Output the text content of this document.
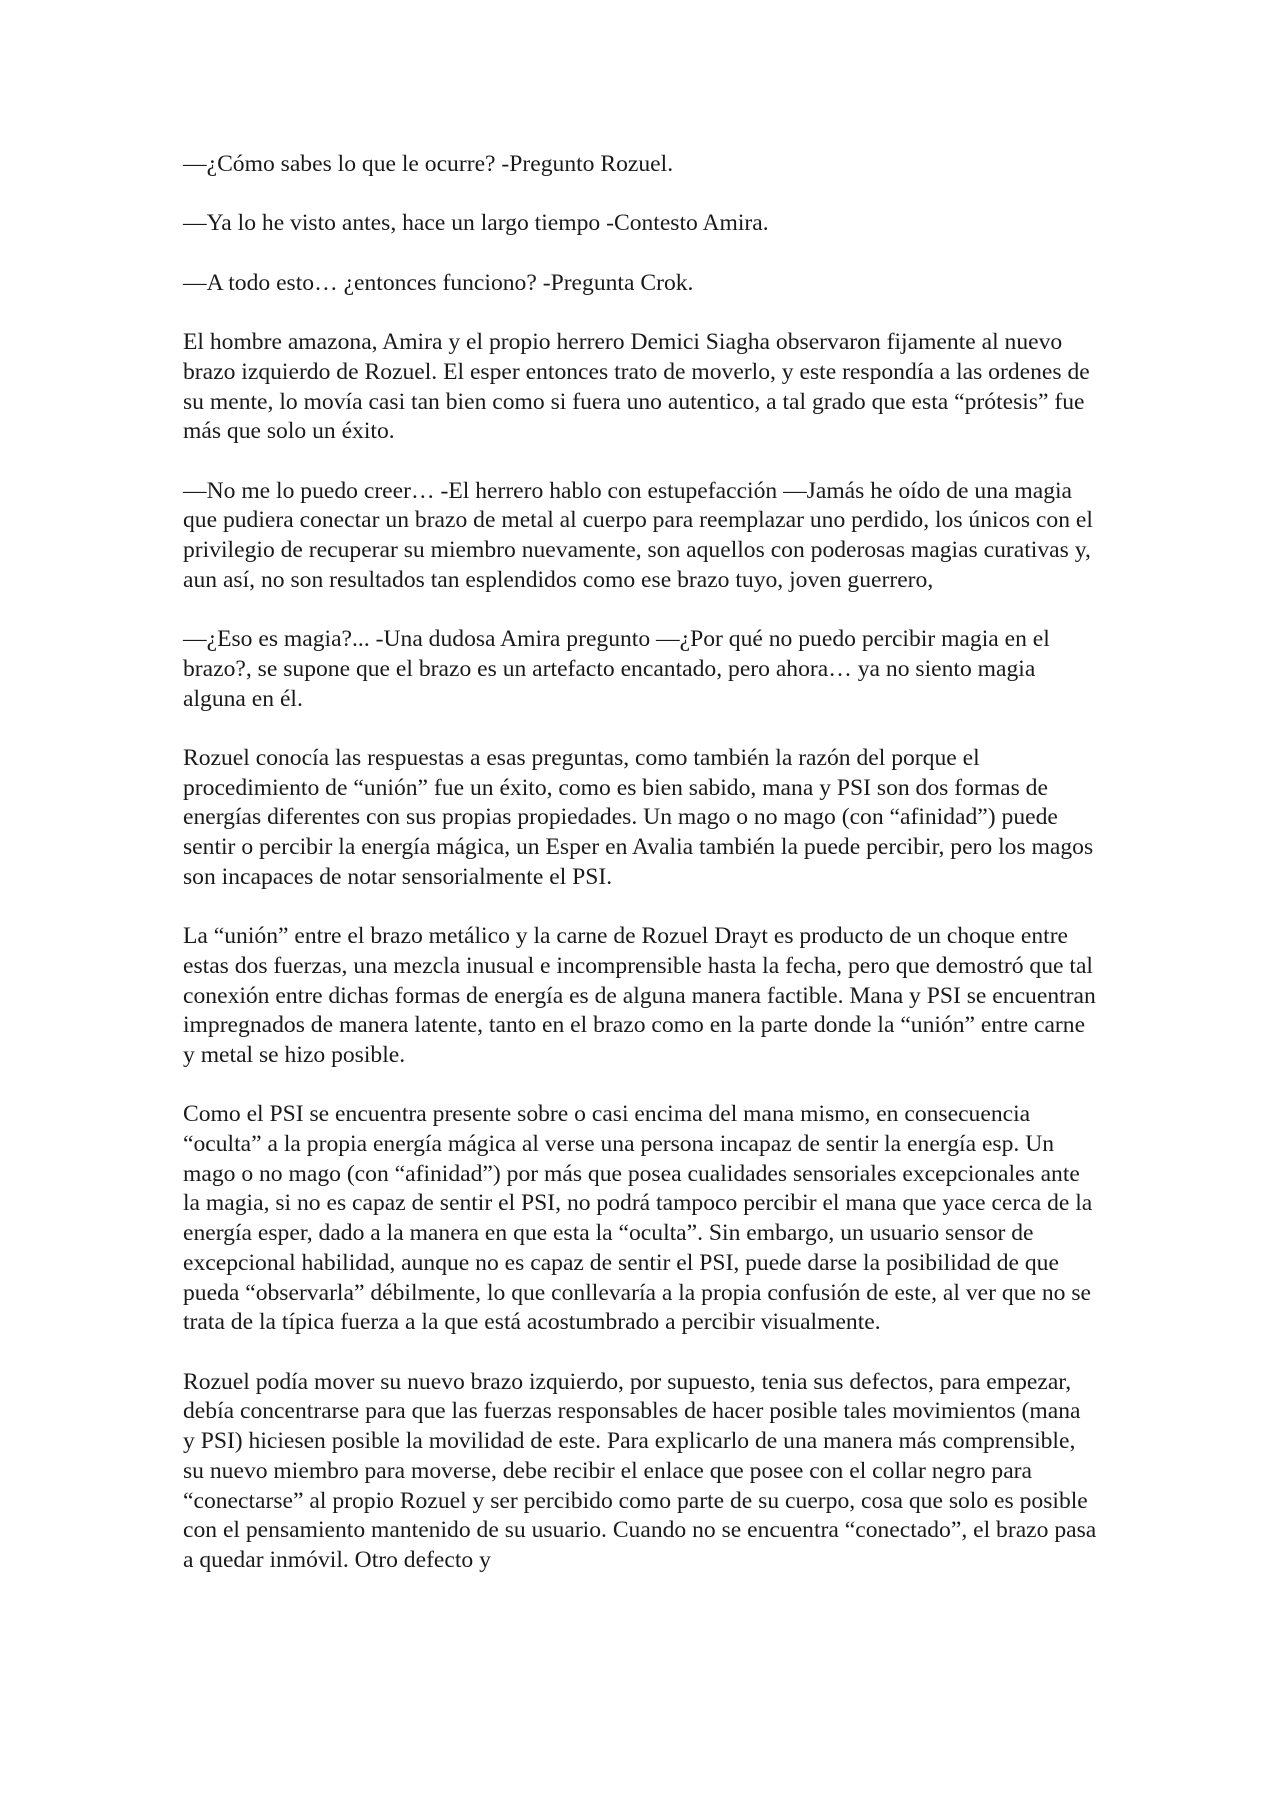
—¿Cómo sabes lo que le ocurre? -Pregunto Rozuel.

—Ya lo he visto antes, hace un largo tiempo -Contesto Amira.

—A todo esto… ¿entonces funciono? -Pregunta Crok.

El hombre amazona, Amira y el propio herrero Demici Siagha observaron fijamente al nuevo brazo izquierdo de Rozuel. El esper entonces trato de moverlo, y este respondía a las ordenes de su mente, lo movía casi tan bien como si fuera uno autentico, a tal grado que esta “prótesis” fue más que solo un éxito.

—No me lo puedo creer… -El herrero hablo con estupefacción —Jamás he oído de una magia que pudiera conectar un brazo de metal al cuerpo para reemplazar uno perdido, los únicos con el privilegio de recuperar su miembro nuevamente, son aquellos con poderosas magias curativas y, aun así, no son resultados tan esplendidos como ese brazo tuyo, joven guerrero,

—¿Eso es magia?... -Una dudosa Amira pregunto —¿Por qué no puedo percibir magia en el brazo?, se supone que el brazo es un artefacto encantado, pero ahora… ya no siento magia alguna en él.

Rozuel conocía las respuestas a esas preguntas, como también la razón del porque el procedimiento de “unión” fue un éxito, como es bien sabido, mana y PSI son dos formas de energías diferentes con sus propias propiedades. Un mago o no mago (con “afinidad”) puede sentir o percibir la energía mágica, un Esper en Avalia también la puede percibir, pero los magos son incapaces de notar sensorialmente el PSI.

La “unión” entre el brazo metálico y la carne de Rozuel Drayt es producto de un choque entre estas dos fuerzas, una mezcla inusual e incomprensible hasta la fecha, pero que demostró que tal conexión entre dichas formas de energía es de alguna manera factible. Mana y PSI se encuentran impregnados de manera latente, tanto en el brazo como en la parte donde la “unión” entre carne y metal se hizo posible.

Como el PSI se encuentra presente sobre o casi encima del mana mismo, en consecuencia “oculta” a la propia energía mágica al verse una persona incapaz de sentir la energía esp. Un mago o no mago (con “afinidad”) por más que posea cualidades sensoriales excepcionales ante la magia, si no es capaz de sentir el PSI, no podrá tampoco percibir el mana que yace cerca de la energía esper, dado a la manera en que esta la “oculta”. Sin embargo, un usuario sensor de excepcional habilidad, aunque no es capaz de sentir el PSI, puede darse la posibilidad de que pueda “observarla” débilmente, lo que conllevaría a la propia confusión de este, al ver que no se trata de la típica fuerza a la que está acostumbrado a percibir visualmente.

Rozuel podía mover su nuevo brazo izquierdo, por supuesto, tenia sus defectos, para empezar, debía concentrarse para que las fuerzas responsables de hacer posible tales movimientos (mana y PSI) hiciesen posible la movilidad de este. Para explicarlo de una manera más comprensible, su nuevo miembro para moverse, debe recibir el enlace que posee con el collar negro para “conectarse” al propio Rozuel y ser percibido como parte de su cuerpo, cosa que solo es posible con el pensamiento mantenido de su usuario. Cuando no se encuentra “conectado”, el brazo pasa a quedar inmóvil. Otro defecto y
